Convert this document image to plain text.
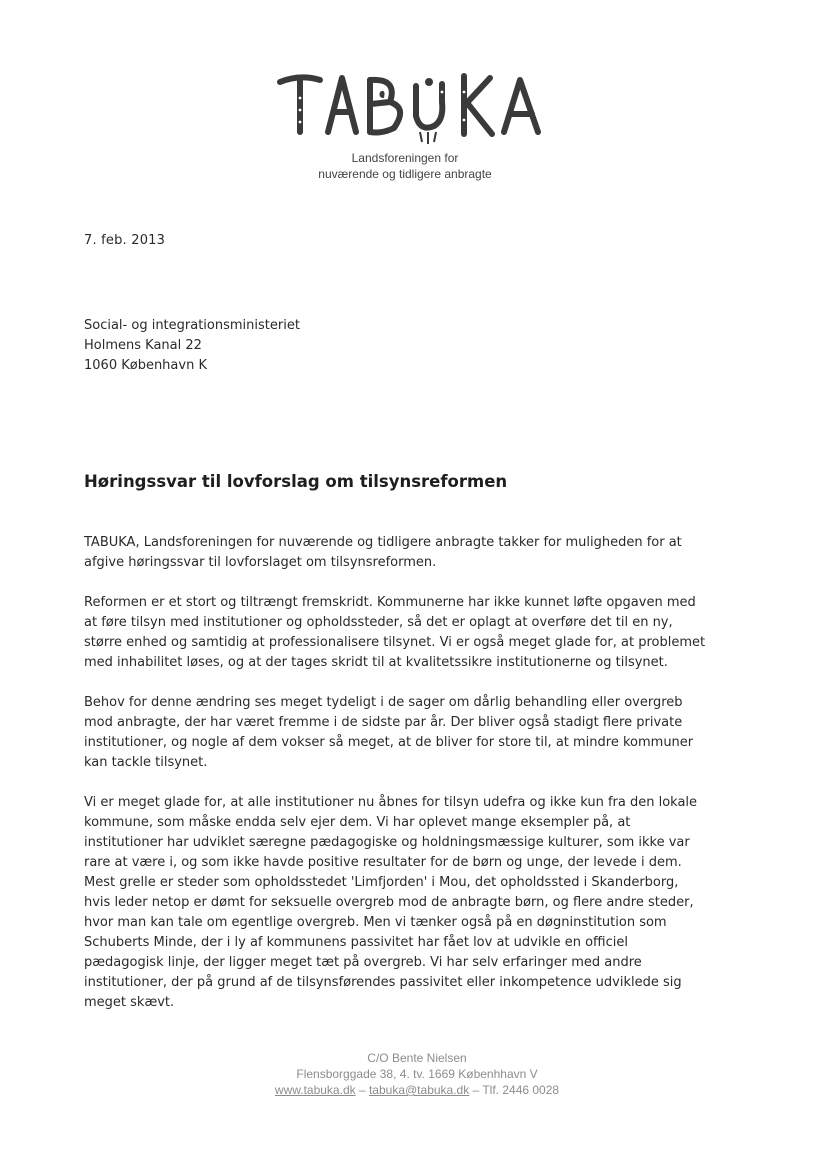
Landsforeningen for
nuværende og tidligere anbragte
7. feb. 2013
Social- og integrationsministeriet
Holmens Kanal 22
1060 København K
Høringssvar til lovforslag om tilsynsreformen

TABUKA, Landsforeningen for nuværende og tidligere anbragte takker for muligheden for at
afgive høringssvar til lovforslaget om tilsynsreformen.

Reformen er et stort og tiltrængt fremskridt. Kommunerne har ikke kunnet løfte opgaven med
at føre tilsyn med institutioner og opholdssteder, så det er oplagt at overføre det til en ny,
større enhed og samtidig at professionalisere tilsynet. Vi er også meget glade for, at problemet
med inhabilitet løses, og at der tages skridt til at kvalitetssikre institutionerne og tilsynet.

Behov for denne ændring ses meget tydeligt i de sager om dårlig behandling eller overgreb
mod anbragte, der har været fremme i de sidste par år. Der bliver også stadigt flere private
institutioner, og nogle af dem vokser så meget, at de bliver for store til, at mindre kommuner
kan tackle tilsynet.

Vi er meget glade for, at alle institutioner nu åbnes for tilsyn udefra og ikke kun fra den lokale
kommune, som måske endda selv ejer dem. Vi har oplevet mange eksempler på, at
institutioner har udviklet særegne pædagogiske og holdningsmæssige kulturer, som ikke var
rare at være i, og som ikke havde positive resultater for de børn og unge, der levede i dem.
Mest grelle er steder som opholdsstedet 'Limfjorden' i Mou, det opholdssted i Skanderborg,
hvis leder netop er dømt for seksuelle overgreb mod de anbragte børn, og flere andre steder,
hvor man kan tale om egentlige overgreb. Men vi tænker også på en døgninstitution som
Schuberts Minde, der i ly af kommunens passivitet har fået lov at udvikle en officiel
pædagogisk linje, der ligger meget tæt på overgreb. Vi har selv erfaringer med andre
institutioner, der på grund af de tilsynsførendes passivitet eller inkompetence udviklede sig
meget skævt.

C/O Bente Nielsen
Flensborggade 38, 4. tv. 1669 Københhavn V
www.tabuka.dk – tabuka@tabuka.dk – Tlf. 2446 0028
